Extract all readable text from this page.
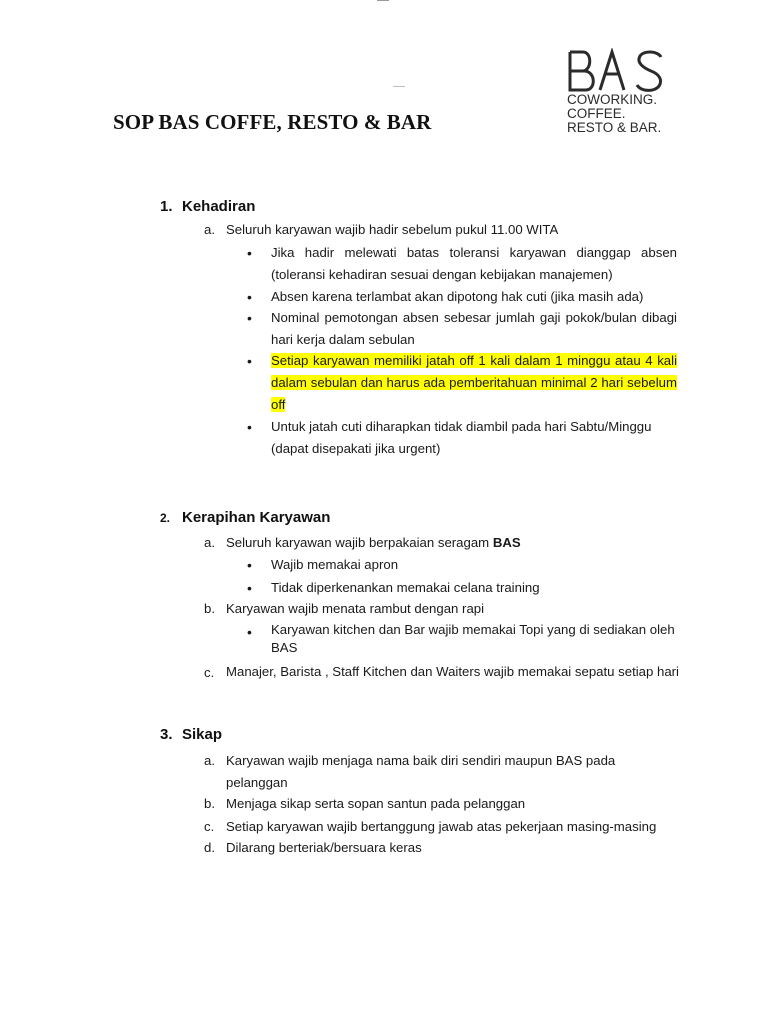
SOP BAS COFFE, RESTO & BAR
COWORKING.
COFFEE.
RESTO & BAR.
1. Kehadiran
a. Seluruh karyawan wajib hadir sebelum pukul 11.00 WITA
• Jika hadir melewati batas toleransi karyawan dianggap absen (toleransi kehadiran sesuai dengan kebijakan manajemen)
• Absen karena terlambat akan dipotong hak cuti (jika masih ada)
• Nominal pemotongan absen sebesar jumlah gaji pokok/bulan dibagi hari kerja dalam sebulan
• Setiap karyawan memiliki jatah off 1 kali dalam 1 minggu atau 4 kali dalam sebulan dan harus ada pemberitahuan minimal 2 hari sebelum off
• Untuk jatah cuti diharapkan tidak diambil pada hari Sabtu/Minggu (dapat disepakati jika urgent)
2. Kerapihan Karyawan
a. Seluruh karyawan wajib berpakaian seragam BAS
• Wajib memakai apron
• Tidak diperkenankan memakai celana training
b. Karyawan wajib menata rambut dengan rapi
• Karyawan kitchen dan Bar wajib memakai Topi yang di sediakan oleh BAS
c. Manajer, Barista , Staff Kitchen dan Waiters wajib memakai sepatu setiap hari
3. Sikap
a. Karyawan wajib menjaga nama baik diri sendiri maupun BAS pada pelanggan
b. Menjaga sikap serta sopan santun pada pelanggan
c. Setiap karyawan wajib bertanggung jawab atas pekerjaan masing-masing
d. Dilarang berteriak/bersuara keras
